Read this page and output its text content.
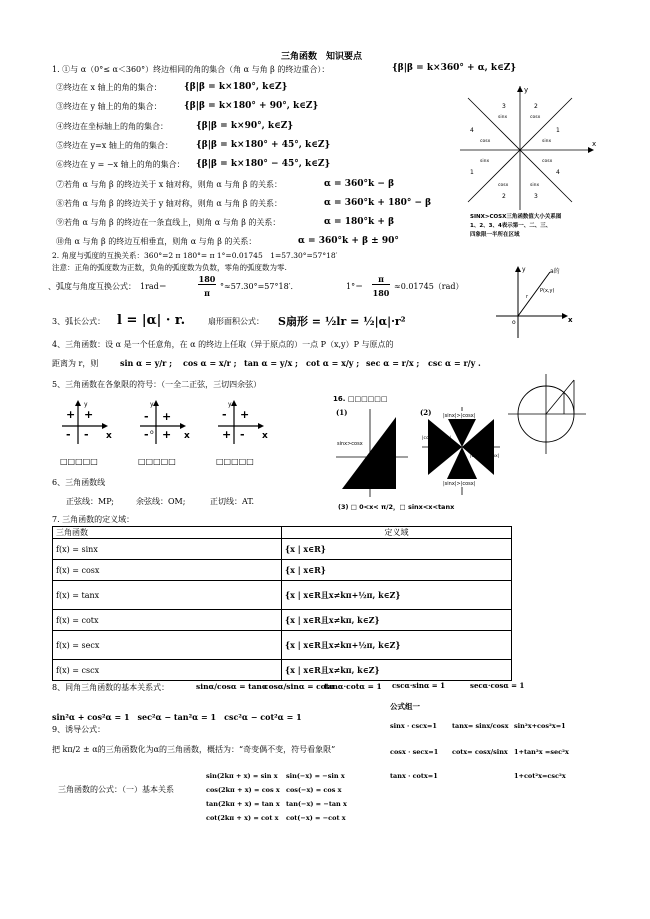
三角函数　知识要点
1. ①与 α（0°≤ α＜360°）终边相同的角的集合（角 α 与角 β 的终边重合）：	{β|β = k×360° + α, k∈Z}
②终边在 x 轴上的角的集合： {β|β = k×180°, k∈Z}
③终边在 y 轴上的角的集合： {β|β = k×180° + 90°, k∈Z}
④终边在坐标轴上的角的集合：	{β|β = k×90°, k∈Z}
⑤终边在 y=x 轴上的角的集合：	{β|β = k×180° + 45°, k∈Z}
⑥终边在 y = −x 轴上的角的集合： {β|β = k×180° − 45°, k∈Z}
⑦若角 α 与角 β 的终边关于 x 轴对称，则角 α 与角 β 的关系：	α = 360°k − β
⑧若角 α 与角 β 的终边关于 y 轴对称，则角 α 与角 β 的关系：	α = 360°k + 180° − β
⑨若角 α 与角 β 的终边在一条直线上，则角 α 与角 β 的关系：	α = 180°k + β
⑩角 α 与角 β 的终边互相垂直，则角 α 与角 β 的关系：	α = 360°k + β ± 90°
x
y
3	2
1
4
4
1
2	3
sinx	cosx
sinx
cosx
cosx
sinx
cosx	sinx
SINX>COSX三角函数值大小关系图
1、2、3、4表示第一、二、三、
四象限一半所在区域
2. 角度与弧度的互换关系：360°=2 π 180°= π 1°=0.01745　1=57.30°=57°18′
注意：正角的弧度数为正数，负角的弧度数为负数，零角的弧度数为零.
、弧度与角度互换公式：　1rad＝
180
π
°≈57.30°=57°18′．	1°＝
π
180
≈0.01745（rad）
y
x
o
a的
P(x,y)
r
3、弧长公式： l = |α| · r.	扇形面积公式： S扇形 = ½lr = ½|α|·r²
4、三角函数：设 α 是一个任意角，在 α 的终边上任取（异于原点的）一点 P（x,y）P 与原点的
距离为 r，则	sin α = y/r ; cos α = x/r ; tan α = y/x ; cot α = x/y ; sec α = r/x ; csc α = r/y .
5、三角函数在各象限的符号：（一全二正弦，三切四余弦）
y
x
+ +
- -
y
x
o
- +
- +
y
x
- +
+ -
□□□□□	□□□□□	□□□□□
16. □□□□□□
(1)	(2)
sinx>cosx
|sinx|>|cosx|
|sinx|>|cosx|
|cosx|>|sinx|
|cosx|>|sinx|
(3) □ 0<x< π/2，□ sinx<x<tanx
6、三角函数线
正弦线：MP;	余弦线：OM;	正切线：AT.
7. 三角函数的定义域：
三角函数	定义域
f(x) = sinx	{x | x∈R}
f(x) = cosx	{x | x∈R}
f(x) = tanx	{x | x∈R且x≠kπ+½π, k∈Z}
f(x) = cotx	{x | x∈R且x≠kπ, k∈Z}
f(x) = secx	{x | x∈R且x≠kπ+½π, k∈Z}
f(x) = cscx	{x | x∈R且x≠kπ, k∈Z}
8、同角三角函数的基本关系式：	sinα/cosα = tanα
cosα/sinα = cotα
tanα·cotα = 1 cscα·sinα = 1	secα·cosα = 1
sin²α + cos²α = 1　sec²α − tan²α = 1　csc²α − cot²α = 1
公式组一
sinx · cscx=1 tanx= sinx/cosx sin²x+cos²x=1
cosx · secx=1 cotx= cosx/sinx 1+tan²x =sec²x
tanx · cotx=1	1+cot²x=csc²x
9、诱导公式：
把 kπ/2 ± α的三角函数化为α的三角函数，概括为：“奇变偶不变，符号看象限”
三角函数的公式：（一）基本关系
sin(2kπ + x) = sin x
cos(2kπ + x) = cos x
tan(2kπ + x) = tan x
cot(2kπ + x) = cot x
sin(−x) = −sin x
cos(−x) = cos x
tan(−x) = −tan x
cot(−x) = −cot x
